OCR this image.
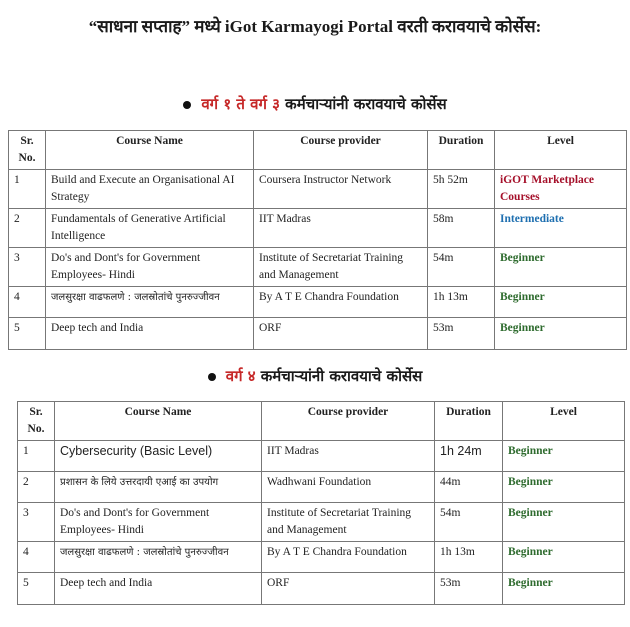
“साधना सप्ताह” मध्ये iGot Karmayogi Portal वरती करावयाचे कोर्सेस:
वर्ग १ ते वर्ग ३ कर्मचाऱ्यांनी करावयाचे कोर्सेस
Sr. No.	Course Name	Course provider	Duration	Level
1	Build and Execute an Organisational AI Strategy	Coursera Instructor Network	5h 52m	iGOT Marketplace Courses
2	Fundamentals of Generative Artificial Intelligence	IIT Madras	58m	Intermediate
3	Do's and Dont's for Government Employees- Hindi	Institute of Secretariat Training and Management	54m	Beginner
4	जलसुरक्षा वाढफलणे : जलस्रोतांचे पुनरुज्जीवन	By A T E Chandra Foundation	1h 13m	Beginner
5	Deep tech and India	ORF	53m	Beginner
वर्ग ४ कर्मचाऱ्यांनी करावयाचे कोर्सेस
Sr. No.	Course Name	Course provider	Duration	Level
1	Cybersecurity (Basic Level)	IIT Madras	1h 24m	Beginner
2	प्रशासन के लिये उत्तरदायी एआई का उपयोग	Wadhwani Foundation	44m	Beginner
3	Do's and Dont's for Government Employees- Hindi	Institute of Secretariat Training and Management	54m	Beginner
4	जलसुरक्षा वाढफलणे : जलस्रोतांचे पुनरुज्जीवन	By A T E Chandra Foundation	1h 13m	Beginner
5	Deep tech and India	ORF	53m	Beginner
